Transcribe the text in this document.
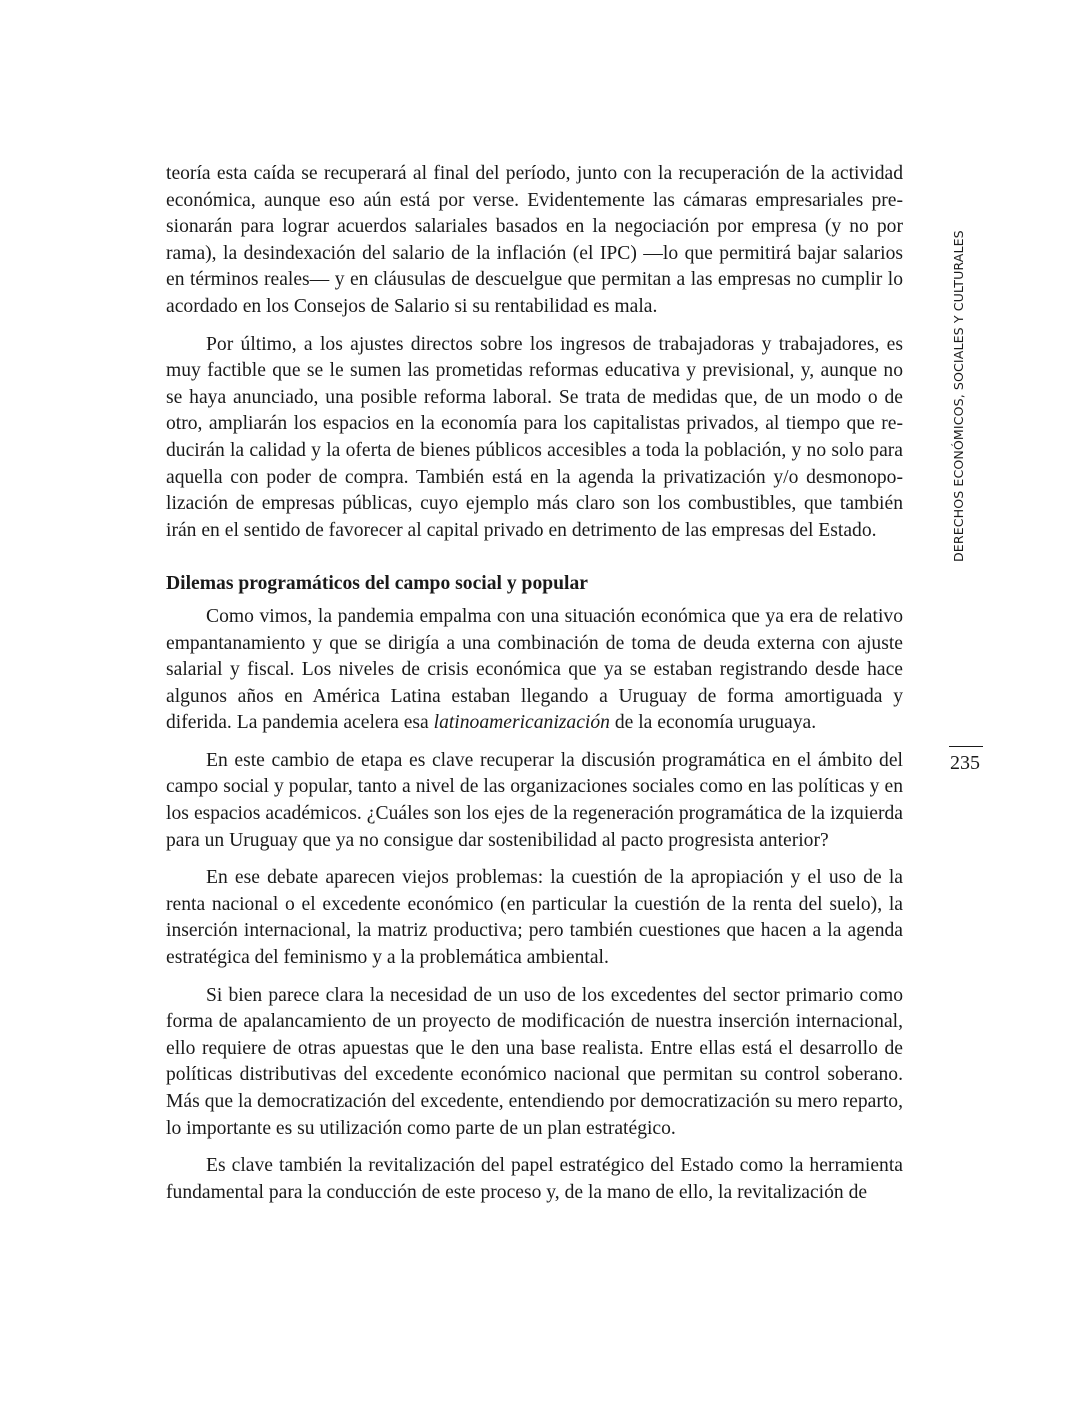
teoría esta caída se recuperará al final del período, junto con la recuperación de la actividad económica, aunque eso aún está por verse. Evidentemente las cámaras empresariales presionarán para lograr acuerdos salariales basados en la negociación por empresa (y no por rama), la desindexación del salario de la inflación (el IPC) —lo que permitirá bajar salarios en términos reales— y en cláusulas de descuelgue que permitan a las empresas no cumplir lo acordado en los Consejos de Salario si su rentabilidad es mala.

Por último, a los ajustes directos sobre los ingresos de trabajadoras y trabajadores, es muy factible que se le sumen las prometidas reformas educativa y previsional, y, aunque no se haya anunciado, una posible reforma laboral. Se trata de medidas que, de un modo o de otro, ampliarán los espacios en la economía para los capitalistas privados, al tiempo que reducirán la calidad y la oferta de bienes públicos accesibles a toda la población, y no solo para aquella con poder de compra. También está en la agenda la privatización y/o desmonopolización de empresas públicas, cuyo ejemplo más claro son los combustibles, que también irán en el sentido de favorecer al capital privado en detrimento de las empresas del Estado.

Dilemas programáticos del campo social y popular

Como vimos, la pandemia empalma con una situación económica que ya era de relativo empantanamiento y que se dirigía a una combinación de toma de deuda externa con ajuste salarial y fiscal. Los niveles de crisis económica que ya se estaban registrando desde hace algunos años en América Latina estaban llegando a Uruguay de forma amortiguada y diferida. La pandemia acelera esa latinoamericanización de la economía uruguaya.

En este cambio de etapa es clave recuperar la discusión programática en el ámbito del campo social y popular, tanto a nivel de las organizaciones sociales como en las políticas y en los espacios académicos. ¿Cuáles son los ejes de la regeneración programática de la izquierda para un Uruguay que ya no consigue dar sostenibilidad al pacto progresista anterior?

En ese debate aparecen viejos problemas: la cuestión de la apropiación y el uso de la renta nacional o el excedente económico (en particular la cuestión de la renta del suelo), la inserción internacional, la matriz productiva; pero también cuestiones que hacen a la agenda estratégica del feminismo y a la problemática ambiental.

Si bien parece clara la necesidad de un uso de los excedentes del sector primario como forma de apalancamiento de un proyecto de modificación de nuestra inserción internacional, ello requiere de otras apuestas que le den una base realista. Entre ellas está el desarrollo de políticas distributivas del excedente económico nacional que permitan su control soberano. Más que la democratización del excedente, entendiendo por democratización su mero reparto, lo importante es su utilización como parte de un plan estratégico.

Es clave también la revitalización del papel estratégico del Estado como la herramienta fundamental para la conducción de este proceso y, de la mano de ello, la revitalización de

DERECHOS ECONÓMICOS, SOCIALES Y CULTURALES
235
